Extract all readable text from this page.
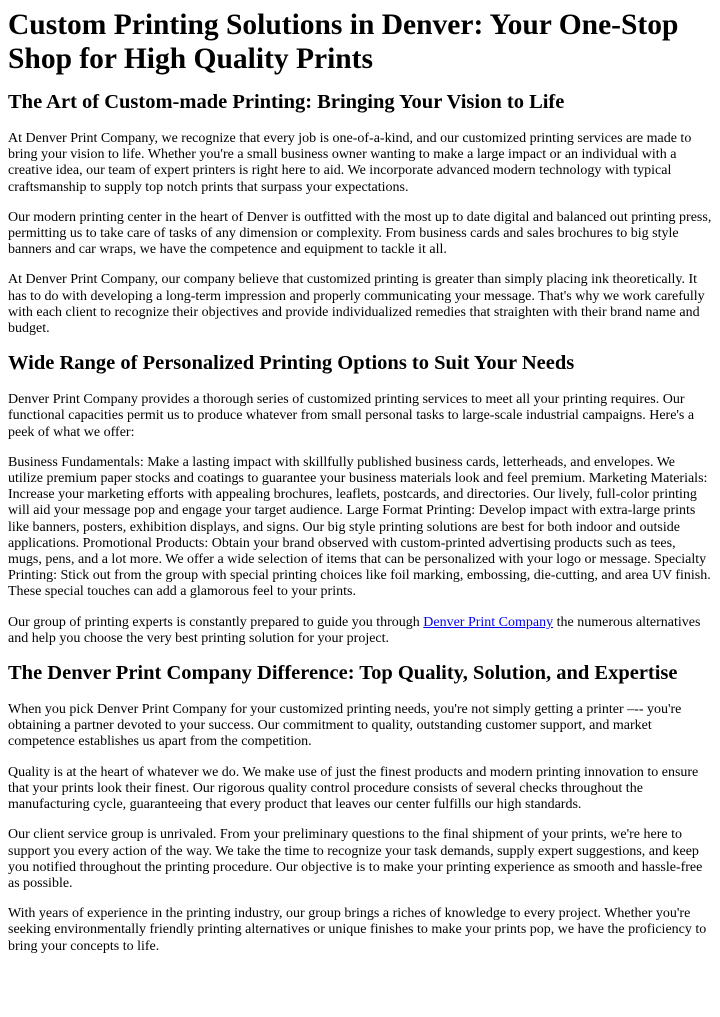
Custom Printing Solutions in Denver: Your One-Stop Shop for High Quality Prints
The Art of Custom-made Printing: Bringing Your Vision to Life

At Denver Print Company, we recognize that every job is one-of-a-kind, and our customized printing services are made to bring your vision to life. Whether you're a small business owner wanting to make a large impact or an individual with a creative idea, our team of expert printers is right here to aid. We incorporate advanced modern technology with typical craftsmanship to supply top notch prints that surpass your expectations.

Our modern printing center in the heart of Denver is outfitted with the most up to date digital and balanced out printing press, permitting us to take care of tasks of any dimension or complexity. From business cards and sales brochures to big style banners and car wraps, we have the competence and equipment to tackle it all.

At Denver Print Company, our company believe that customized printing is greater than simply placing ink theoretically. It has to do with developing a long-term impression and properly communicating your message. That's why we work carefully with each client to recognize their objectives and provide individualized remedies that straighten with their brand name and budget.

Wide Range of Personalized Printing Options to Suit Your Needs

Denver Print Company provides a thorough series of customized printing services to meet all your printing requires. Our functional capacities permit us to produce whatever from small personal tasks to large-scale industrial campaigns. Here's a peek of what we offer:

Business Fundamentals: Make a lasting impact with skillfully published business cards, letterheads, and envelopes. We utilize premium paper stocks and coatings to guarantee your business materials look and feel premium. Marketing Materials: Increase your marketing efforts with appealing brochures, leaflets, postcards, and directories. Our lively, full-color printing will aid your message pop and engage your target audience. Large Format Printing: Develop impact with extra-large prints like banners, posters, exhibition displays, and signs. Our big style printing solutions are best for both indoor and outside applications. Promotional Products: Obtain your brand observed with custom-printed advertising products such as tees, mugs, pens, and a lot more. We offer a wide selection of items that can be personalized with your logo or message. Specialty Printing: Stick out from the group with special printing choices like foil marking, embossing, die-cutting, and area UV finish. These special touches can add a glamorous feel to your prints.

Our group of printing experts is constantly prepared to guide you through Denver Print Company the numerous alternatives and help you choose the very best printing solution for your project.

The Denver Print Company Difference: Top Quality, Solution, and Expertise

When you pick Denver Print Company for your customized printing needs, you're not simply getting a printer –-- you're obtaining a partner devoted to your success. Our commitment to quality, outstanding customer support, and market competence establishes us apart from the competition.

Quality is at the heart of whatever we do. We make use of just the finest products and modern printing innovation to ensure that your prints look their finest. Our rigorous quality control procedure consists of several checks throughout the manufacturing cycle, guaranteeing that every product that leaves our center fulfills our high standards.

Our client service group is unrivaled. From your preliminary questions to the final shipment of your prints, we're here to support you every action of the way. We take the time to recognize your task demands, supply expert suggestions, and keep you notified throughout the printing procedure. Our objective is to make your printing experience as smooth and hassle-free as possible.

With years of experience in the printing industry, our group brings a riches of knowledge to every project. Whether you're seeking environmentally friendly printing alternatives or unique finishes to make your prints pop, we have the proficiency to bring your concepts to life.
